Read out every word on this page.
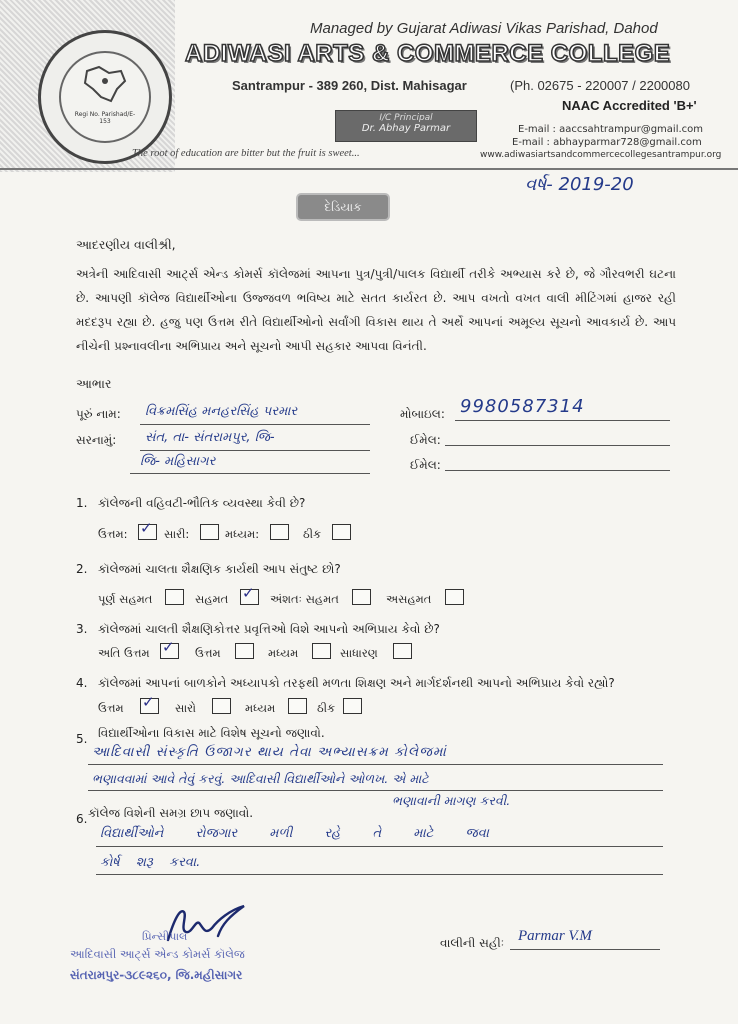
Regi No. Parishad/E-153
Managed by Gujarat Adiwasi Vikas Parishad, Dahod
ADIWASI ARTS & COMMERCE COLLEGE
Santrampur - 389 260, Dist. Mahisagar	(Ph. 02675 - 220007 / 2200080
NAAC Accredited 'B+'
I/C Principal
Dr. Abhay Parmar	E-mail : aaccsahtrampur@gmail.com
E-mail : abhayparmar728@gmail.com
www.adiwasiartsandcommercecollegesantrampur.org
The root of education are bitter but the fruit is sweet...
વર્ષ- 2019-20
દેડિયાક
આદરણીય વાલીશ્રી,
અત્રેની આદિવાસી આર્ટ્સ એન્ડ કોમર્સ કૉલેજમાં આપના પુત્ર/પુત્રી/પાલક વિદ્યાર્થી તરીકે અભ્યાસ કરે છે, જે ગૌરવભરી ઘટના છે. આપણી કૉલેજ વિદ્યાર્થીઓના ઉજ્જવળ ભવિષ્ય માટે સતત કાર્યરત છે. આપ વખતો વખત વાલી મીટિંગમાં હાજર રહી મદદરૂપ રહ્યા છે. હજુ પણ ઉત્તમ રીતે વિદ્યાર્થીઓનો સર્વાંગી વિકાસ થાય તે અર્થે આપનાં અમૂલ્ય સૂચનો આવકાર્ય છે. આપ નીચેની પ્રશ્નાવલીના અભિપ્રાય અને સૂચનો આપી સહકાર આપવા વિનંતી.
આભાર
પૂરું નામ: વિક્રમસિંહ મનહરસિંહ પરમાર
સરનામું: સંત, તા- સંતરામપુર, જિ-
જિ- મહિસાગર
મોબાઇલ: 9980587314
ઈમેલ:
ઈમેલ:
1. કૉલેજની વહિવટી-ભૌતિક વ્યવસ્થા કેવી છે?
ઉત્તમ: ✓ સારી:	મધ્યમ:	ઠીક
2. કૉલેજમાં ચાલતા શૈક્ષણિક કાર્યથી આપ સંતુષ્ટ છો?
પૂર્ણ સહમત	સહમત ✓ અંશતઃ સહમત	અસહમત
3. કૉલેજમાં ચાલતી શૈક્ષણિકોત્તર પ્રવૃત્તિઓ વિશે આપનો અભિપ્રાય કેવો છે?
અતિ ઉત્તમ ✓ ઉત્તમ	મધ્યમ	સાધારણ
4. કૉલેજમાં આપનાં બાળકોને અધ્યાપકો તરફથી મળતા શિક્ષણ અને માર્ગદર્શનથી આપનો અભિપ્રાય કેવો રહ્યો?
ઉત્તમ ✓ સારો	મધ્યમ	ઠીક
5. વિદ્યાર્થીઓના વિકાસ માટે વિશેષ સૂચનો જણાવો.
આદિવાસી સંસ્કૃતિ ઉજાગર થાય તેવા અભ્યાસક્રમ કોલેજમાં
ભણાવવામાં આવે તેવું કરવું. આદિવાસી વિદ્યાર્થીઓને ઓળખ. એ માટે
ભણાવાની માગણ કરવી.
6. કૉલેજ વિશેની સમગ્ર છાપ જણાવો.
વિદ્યાર્થીઓને રોજગાર મળી રહે તે માટે જવા
કોર્ષ શરૂ કરવા.
પ્રિન્સીપાલ
આદિવાસી આર્ટ્સ એન્ડ કોમર્સ કૉલેજ
સંતરામપુર-૩૮૯૨૬૦, જિ.મહીસાગર
વાલીની સહીઃ Parmar V.M
